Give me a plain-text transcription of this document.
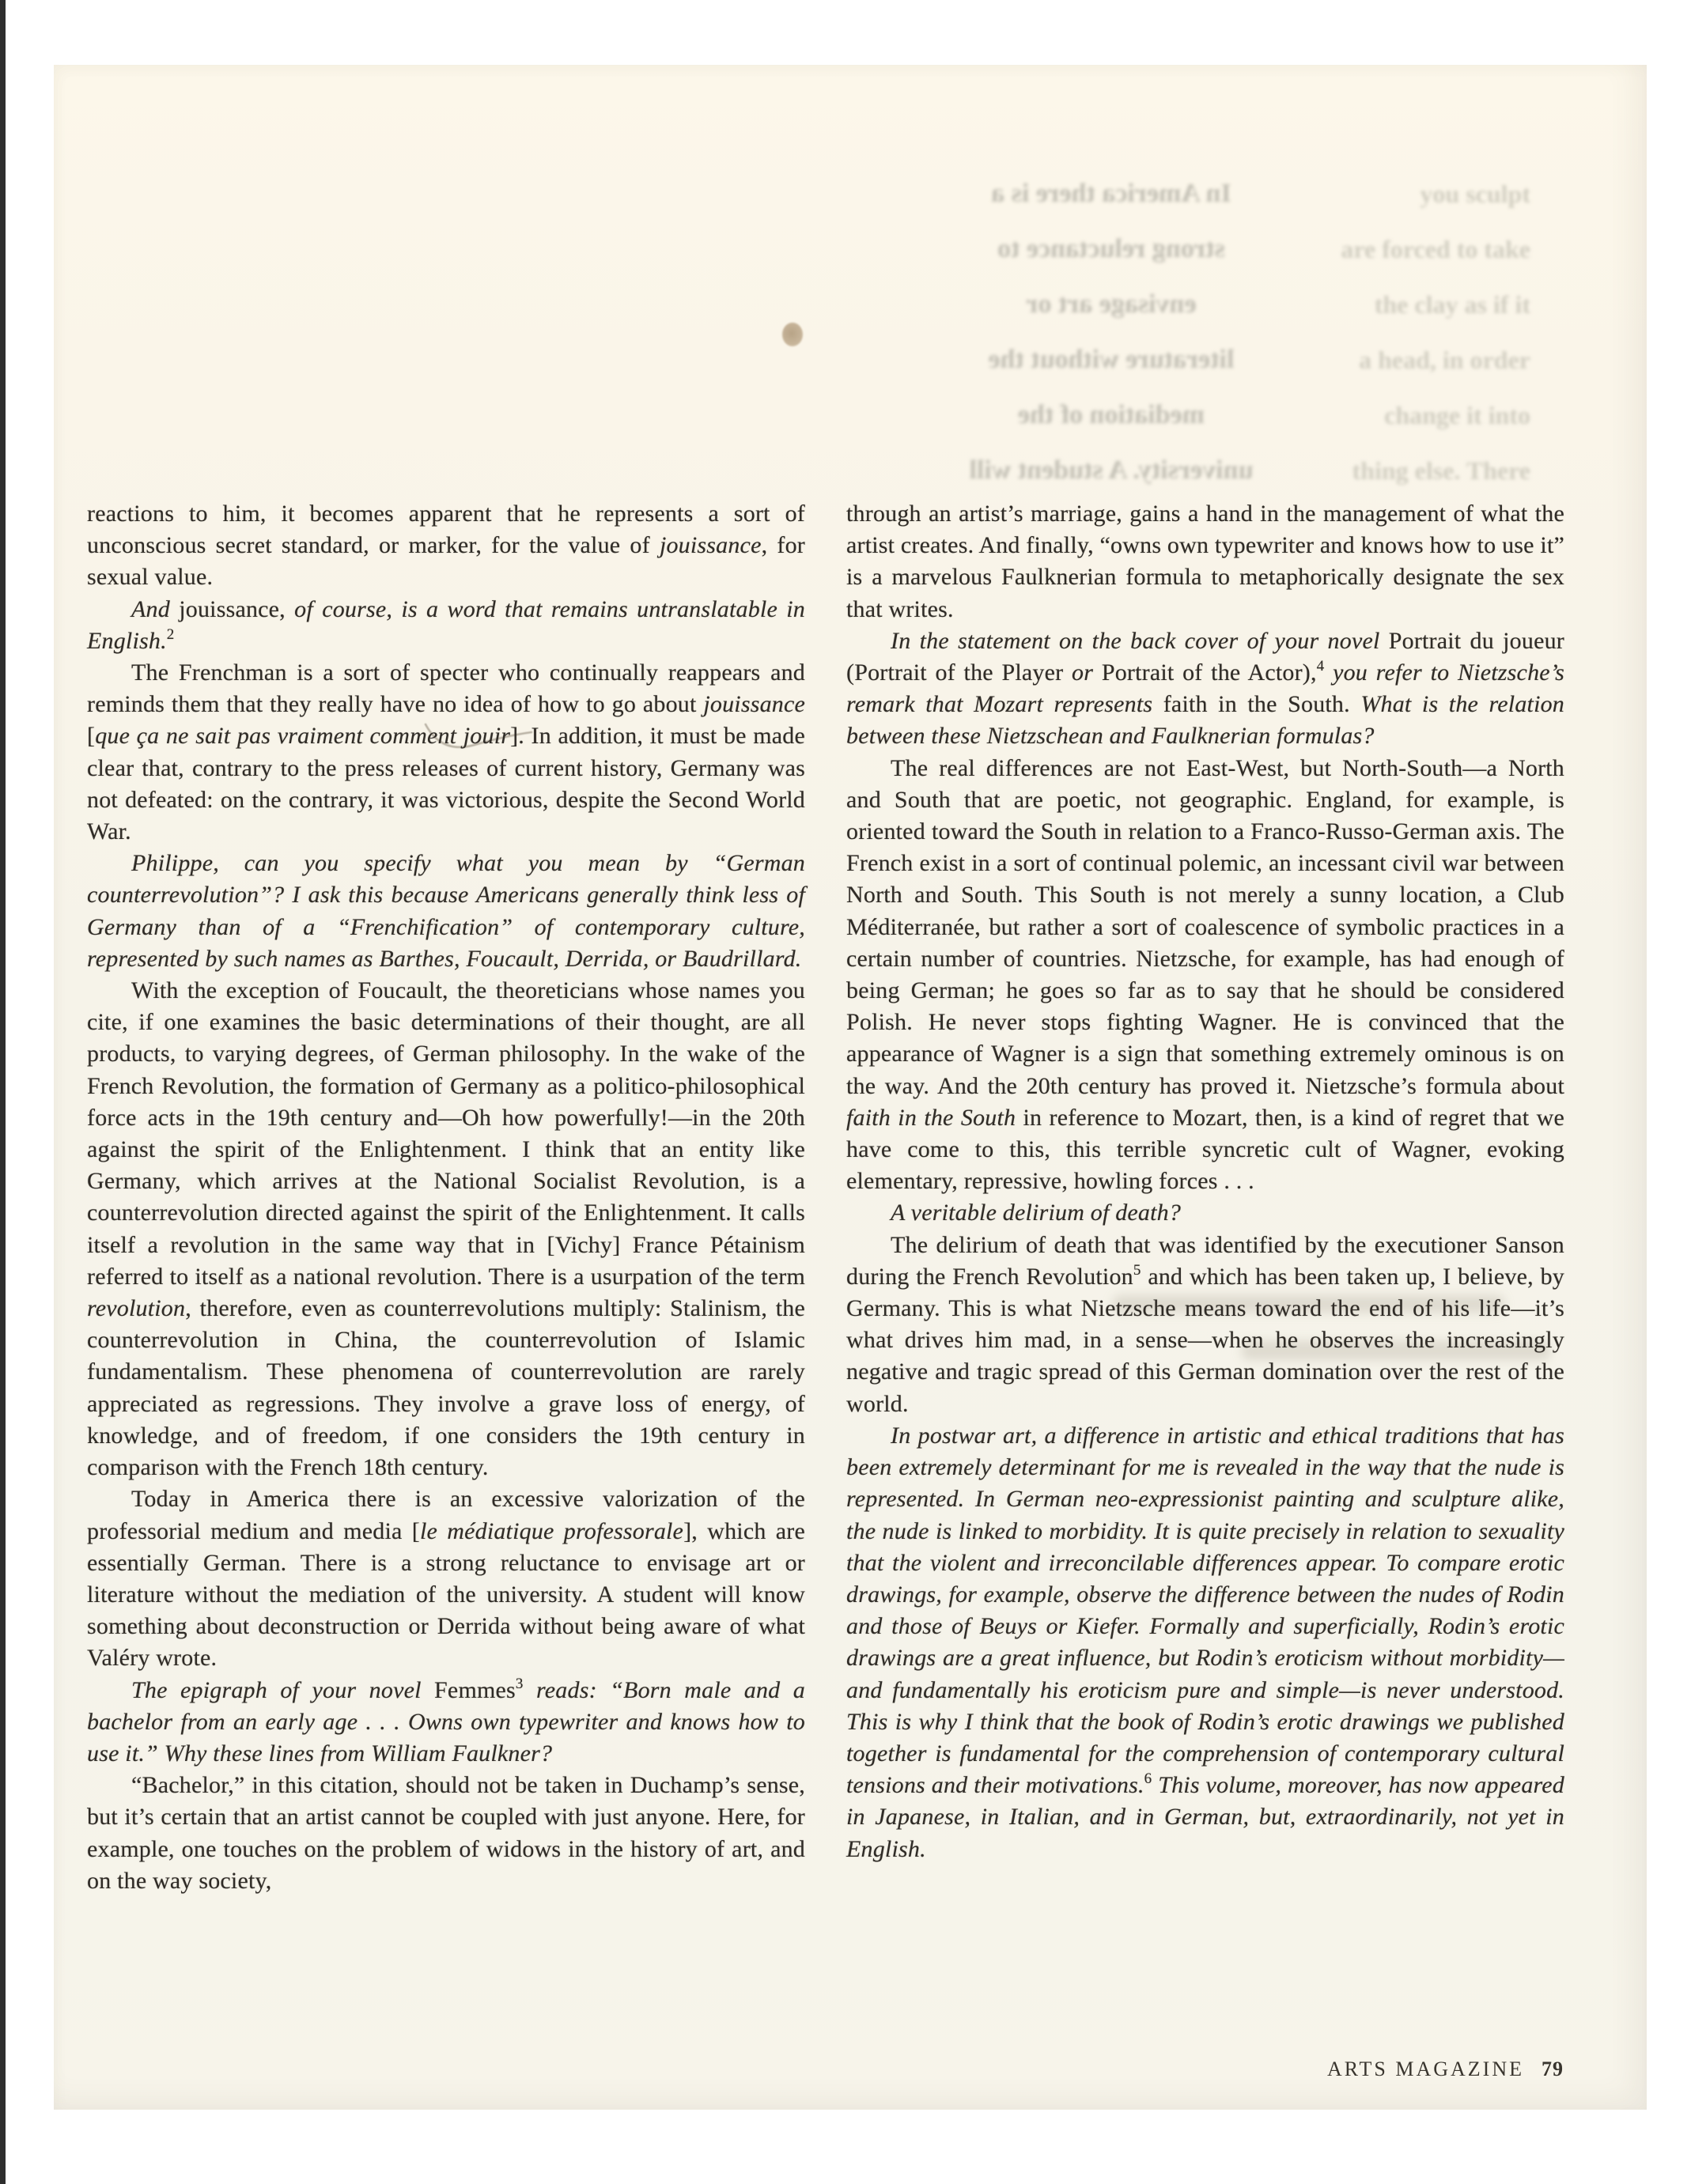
In America there is a
strong reluctance to
envisage art or
literature without the
mediation of the
university. A student will
you sculpt
are forced to take
the clay as if it
a head, in order
change it into
thing else. There

reactions to him, it becomes apparent that he represents a sort of unconscious secret standard, or marker, for the value of jouissance, for sexual value.

And jouissance, of course, is a word that remains untranslatable in English.$^2$

The Frenchman is a sort of specter who continually reappears and reminds them that they really have no idea of how to go about jouissance [que ça ne sait pas vraiment comment jouir]. In addition, it must be made clear that, contrary to the press releases of current history, Germany was not defeated: on the contrary, it was victorious, despite the Second World War.

Philippe, can you specify what you mean by “German counterrevolution”? I ask this because Americans generally think less of Germany than of a “Frenchification” of contemporary culture, represented by such names as Barthes, Foucault, Derrida, or Baudrillard.

With the exception of Foucault, the theoreticians whose names you cite, if one examines the basic determinations of their thought, are all products, to varying degrees, of German philosophy. In the wake of the French Revolution, the formation of Germany as a politico-philosophical force acts in the 19th century and—Oh how powerfully!—in the 20th against the spirit of the Enlightenment. I think that an entity like Germany, which arrives at the National Socialist Revolution, is a counterrevolution directed against the spirit of the Enlightenment. It calls itself a revolution in the same way that in [Vichy] France Pétainism referred to itself as a national revolution. There is a usurpation of the term revolution, therefore, even as counterrevolutions multiply: Stalinism, the counterrevolution in China, the counterrevolution of Islamic fundamentalism. These phenomena of counterrevolution are rarely appreciated as regressions. They involve a grave loss of energy, of knowledge, and of freedom, if one considers the 19th century in comparison with the French 18th century.

Today in America there is an excessive valorization of the professorial medium and media [le médiatique professorale], which are essentially German. There is a strong reluctance to envisage art or literature without the mediation of the university. A student will know something about deconstruction or Derrida without being aware of what Valéry wrote.

The epigraph of your novel Femmes$^3$ reads: “Born male and a bachelor from an early age . . . Owns own typewriter and knows how to use it.” Why these lines from William Faulkner?

“Bachelor,” in this citation, should not be taken in Duchamp’s sense, but it’s certain that an artist cannot be coupled with just anyone. Here, for example, one touches on the problem of widows in the history of art, and on the way society,

through an artist’s marriage, gains a hand in the management of what the artist creates. And finally, “owns own typewriter and knows how to use it” is a marvelous Faulknerian formula to metaphorically designate the sex that writes.

In the statement on the back cover of your novel Portrait du joueur (Portrait of the Player or Portrait of the Actor),$^4$ you refer to Nietzsche’s remark that Mozart represents faith in the South. What is the relation between these Nietzschean and Faulknerian formulas?

The real differences are not East-West, but North-South—a North and South that are poetic, not geographic. England, for example, is oriented toward the South in relation to a Franco-Russo-German axis. The French exist in a sort of continual polemic, an incessant civil war between North and South. This South is not merely a sunny location, a Club Méditerranée, but rather a sort of coalescence of symbolic practices in a certain number of countries. Nietzsche, for example, has had enough of being German; he goes so far as to say that he should be considered Polish. He never stops fighting Wagner. He is convinced that the appearance of Wagner is a sign that something extremely ominous is on the way. And the 20th century has proved it. Nietzsche’s formula about faith in the South in reference to Mozart, then, is a kind of regret that we have come to this, this terrible syncretic cult of Wagner, evoking elementary, repressive, howling forces . . .

A veritable delirium of death?

The delirium of death that was identified by the executioner Sanson during the French Revolution$^5$ and which has been taken up, I believe, by Germany. This is what Nietzsche means toward the end of his life—it’s what drives him mad, in a sense—when he observes the increasingly negative and tragic spread of this German domination over the rest of the world.

In postwar art, a difference in artistic and ethical traditions that has been extremely determinant for me is revealed in the way that the nude is represented. In German neo-expressionist painting and sculpture alike, the nude is linked to morbidity. It is quite precisely in relation to sexuality that the violent and irreconcilable differences appear. To compare erotic drawings, for example, observe the difference between the nudes of Rodin and those of Beuys or Kiefer. Formally and superficially, Rodin’s erotic drawings are a great influence, but Rodin’s eroticism without morbidity—and fundamentally his eroticism pure and simple—is never understood. This is why I think that the book of Rodin’s erotic drawings we published together is fundamental for the comprehension of contemporary cultural tensions and their motivations.$^6$ This volume, moreover, has now appeared in Japanese, in Italian, and in German, but, extraordinarily, not yet in English.

ARTS MAGAZINE 79
